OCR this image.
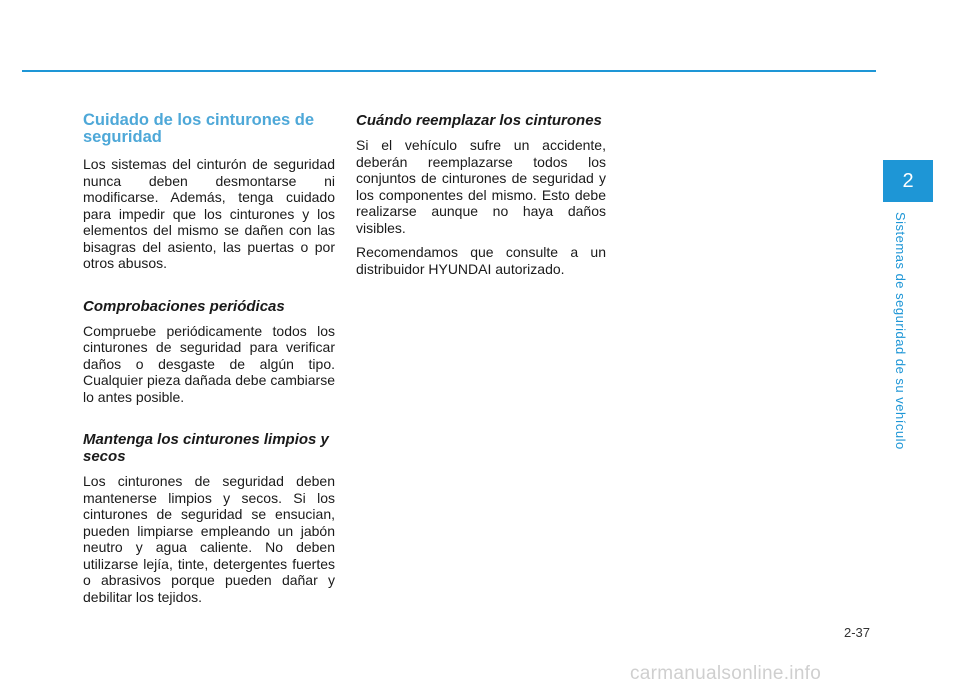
Cuidado de los cinturones de seguridad

Los sistemas del cinturón de seguridad nunca deben desmontarse ni modificarse. Además, tenga cuidado para impedir que los cinturones y los elementos del mismo se dañen con las bisagras del asiento, las puertas o por otros abusos.

Comprobaciones periódicas

Compruebe periódicamente todos los cinturones de seguridad para verificar daños o desgaste de algún tipo. Cualquier pieza dañada debe cambiarse lo antes posible.

Mantenga los cinturones limpios y secos

Los cinturones de seguridad deben mantenerse limpios y secos. Si los cinturones de seguridad se ensucian, pueden limpiarse empleando un jabón neutro y agua caliente. No deben utilizarse lejía, tinte, detergentes fuertes o abrasivos porque pueden dañar y debilitar los tejidos.

Cuándo reemplazar los cinturones

Si el vehículo sufre un accidente, deberán reemplazarse todos los conjuntos de cinturones de seguridad y los componentes del mismo. Esto debe realizarse aunque no haya daños visibles.

Recomendamos que consulte a un distribuidor HYUNDAI autorizado.

2
Sistemas de seguridad de su vehículo
2-37
carmanualsonline.info
